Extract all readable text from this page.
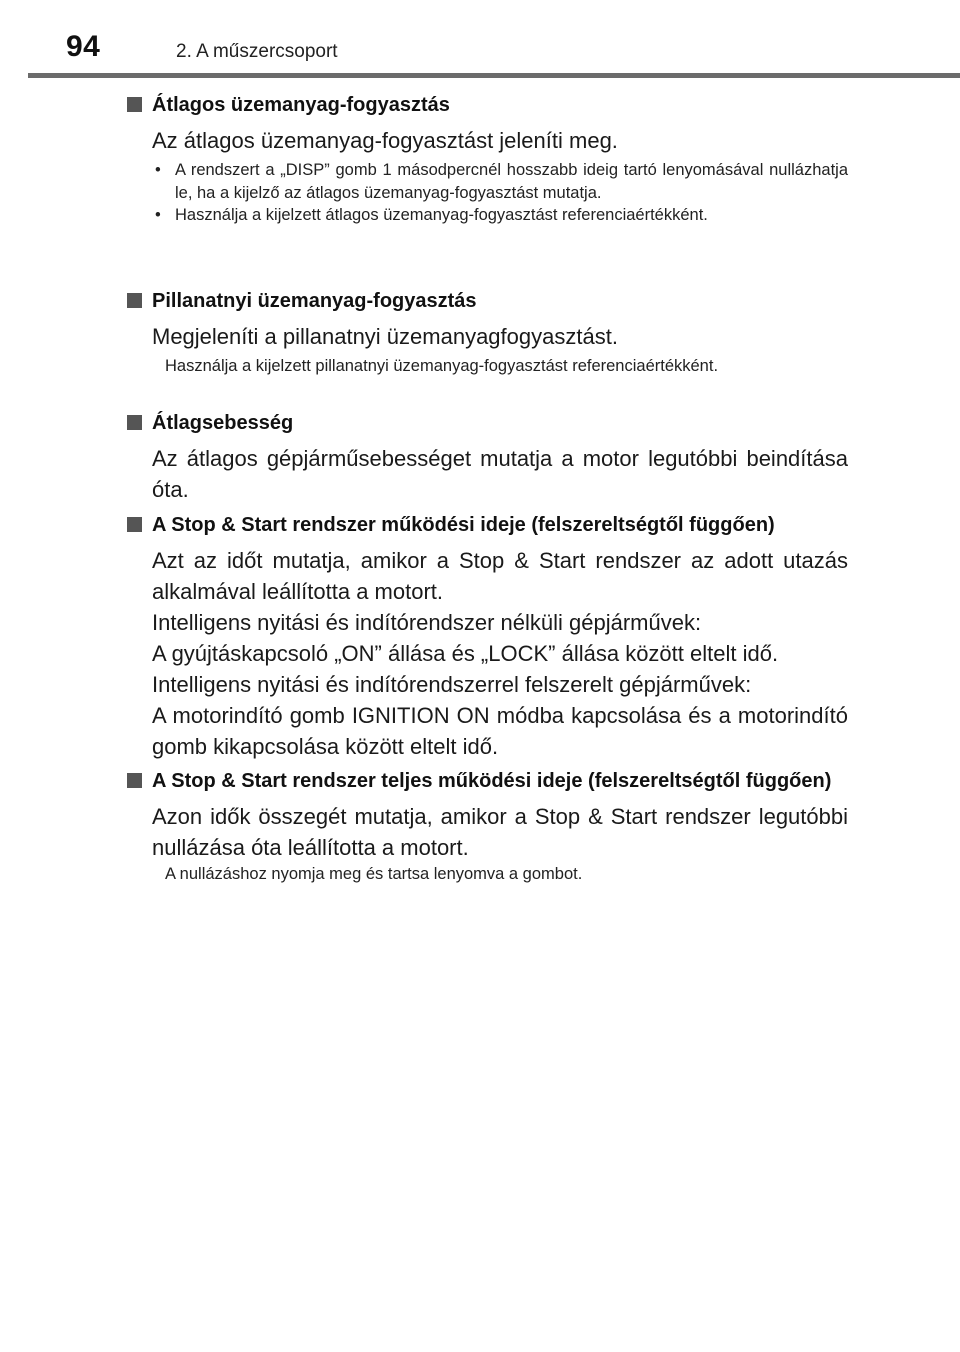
94	2. A műszercsoport
Átlagos üzemanyag-fogyasztás
Az átlagos üzemanyag-fogyasztást jeleníti meg.
• A rendszert a „DISP” gomb 1 másodpercnél hosszabb ideig tartó lenyomásával nullázhatja le, ha a kijelző az átlagos üzemanyag-fogyasztást mutatja.
• Használja a kijelzett átlagos üzemanyag-fogyasztást referenciaértékként.
Pillanatnyi üzemanyag-fogyasztás
Megjeleníti a pillanatnyi üzemanyagfogyasztást.
Használja a kijelzett pillanatnyi üzemanyag-fogyasztást referenciaértékként.
Átlagsebesség
Az átlagos gépjárműsebességet mutatja a motor legutóbbi beindítása óta.
A Stop & Start rendszer működési ideje (felszereltségtől függően)
Azt az időt mutatja, amikor a Stop & Start rendszer az adott utazás alkalmával leállította a motort.
Intelligens nyitási és indítórendszer nélküli gépjárművek:
A gyújtáskapcsoló „ON” állása és „LOCK” állása között eltelt idő.
Intelligens nyitási és indítórendszerrel felszerelt gépjárművek:
A motorindító gomb IGNITION ON módba kapcsolása és a motorindító gomb kikapcsolása között eltelt idő.
A Stop & Start rendszer teljes működési ideje (felszereltségtől függően)
Azon idők összegét mutatja, amikor a Stop & Start rendszer legutóbbi nullázása óta leállította a motort.
A nullázáshoz nyomja meg és tartsa lenyomva a gombot.
